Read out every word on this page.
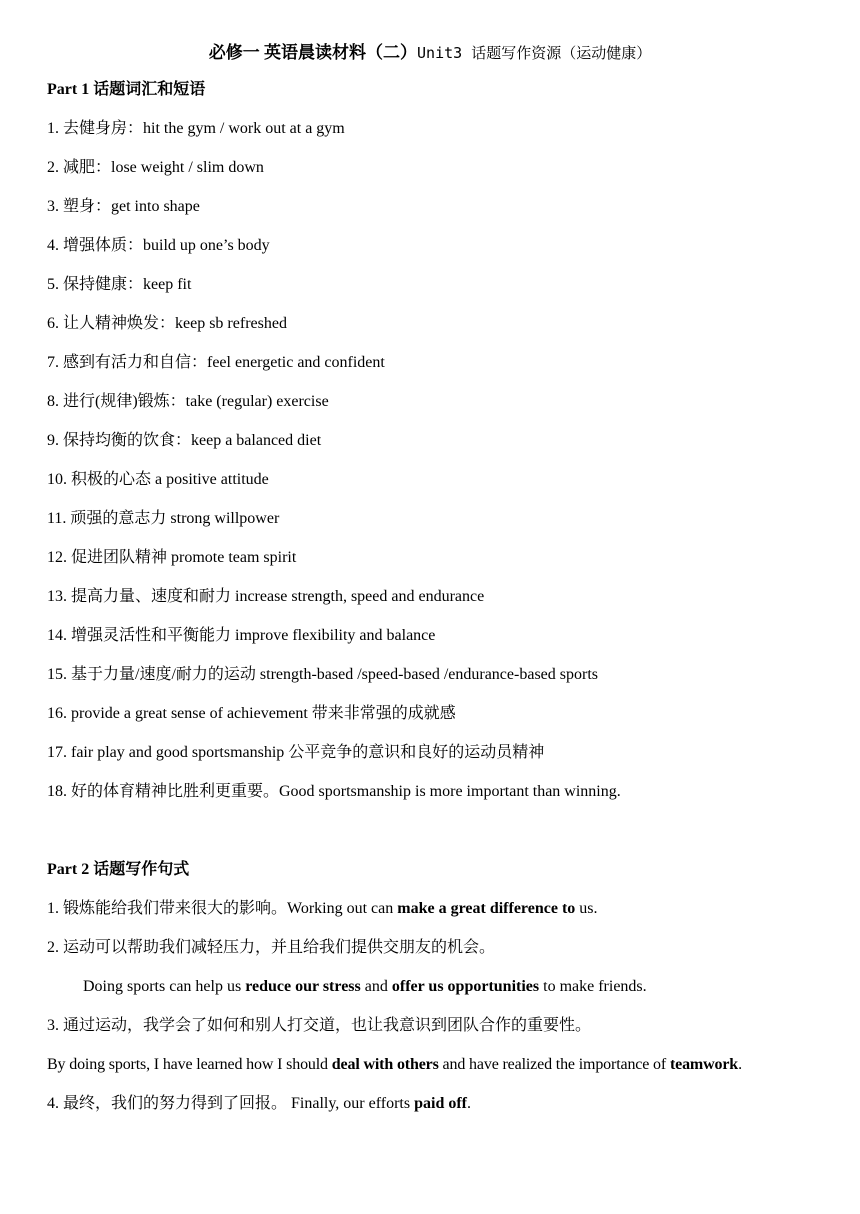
必修一 英语晨读材料（二）Unit3 话题写作资源（运动健康）
Part 1 话题词汇和短语
1. 去健身房：hit the gym / work out at a gym
2. 减肥：lose weight / slim down
3. 塑身：get into shape
4. 增强体质：build up one’s body
5. 保持健康：keep fit
6. 让人精神焕发：keep sb refreshed
7. 感到有活力和自信：feel energetic and confident
8. 进行(规律)锻炼：take (regular) exercise
9. 保持均衡的饮食：keep a balanced diet
10. 积极的心态 a positive attitude
11. 顽强的意志力 strong willpower
12. 促进团队精神 promote team spirit
13. 提高力量、速度和耐力 increase strength, speed and endurance
14. 增强灵活性和平衡能力 improve flexibility and balance
15. 基于力量/速度/耐力的运动 strength-based /speed-based /endurance-based sports
16. provide a great sense of achievement 带来非常强的成就感
17. fair play and good sportsmanship 公平竞争的意识和良好的运动员精神
18. 好的体育精神比胜利更重要。Good sportsmanship is more important than winning.
Part 2 话题写作句式
1. 锻炼能给我们带来很大的影响。Working out can make a great difference to us.
2. 运动可以帮助我们减轻压力，并且给我们提供交朋友的机会。
Doing sports can help us reduce our stress and offer us opportunities to make friends.
3. 通过运动，我学会了如何和别人打交道，也让我意识到团队合作的重要性。
By doing sports, I have learned how I should deal with others and have realized the importance of teamwork.
4. 最终，我们的努力得到了回报。 Finally, our efforts paid off.
